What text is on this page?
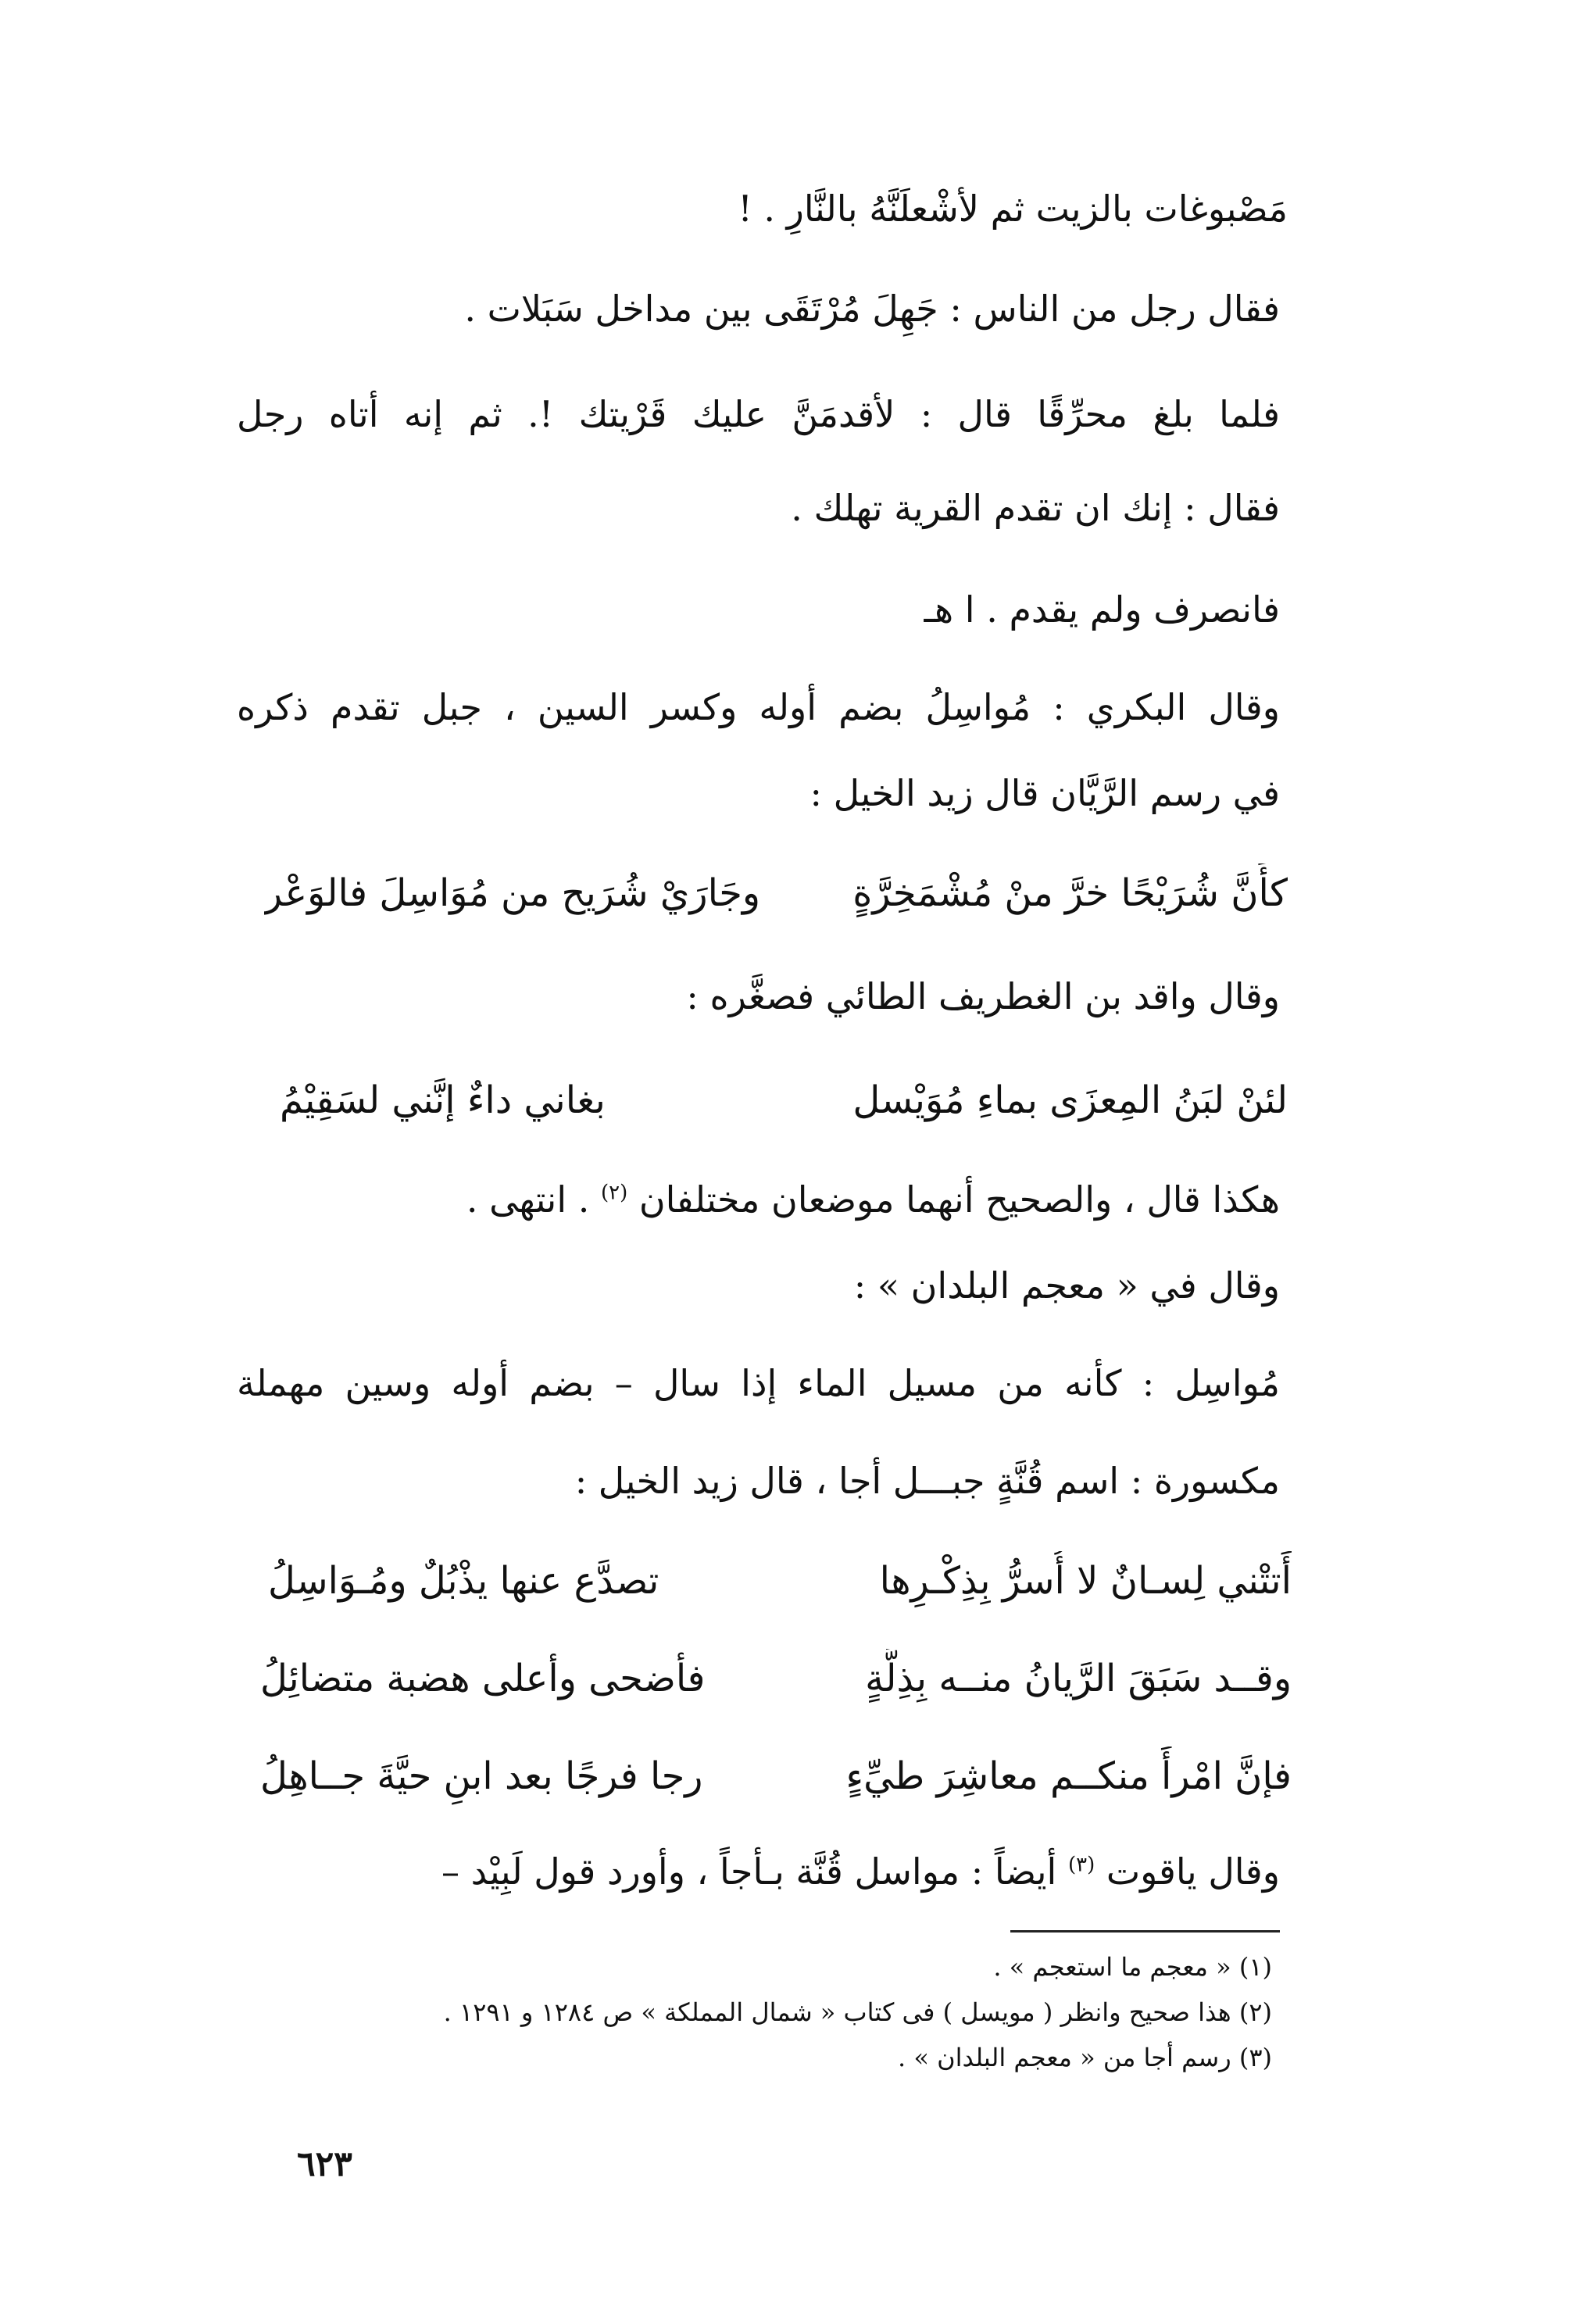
مَصْبوغات بالزيت ثم لأشْعلَنَّهُ بالنَّارِ . !
فقال رجل من الناس : جَهِلَ مُرْتَقَى بين مداخل سَبَلات .
فلما بلغ محرِّقًا قال : لأقدمَنَّ عليك قَرْيتك !. ثم إنه أتاه رجل
فقال : إنك ان تقدم القرية تهلك .
فانصرف ولم يقدم . ا هـ
وقال البكري : مُواسِلُ بضم أوله وكسر السين ، جبل تقدم ذكره
في رسم الرَّيَّان قال زيد الخيل :
كأَنَّ شُرَيْحًا خرَّ منْ مُشْمَخِرَّةٍ
وجَارَيْ شُرَيح من مُوَاسِلَ فالوَعْر
وقال واقد بن الغطريف الطائي فصغَّره :
لئنْ لبَنُ المِعزَى بماءِ مُوَيْسل
بغاني داءٌ إنَّني لسَقِيْمُ
هكذا قال ، والصحيح أنهما موضعان مختلفان $^{(٢)}$ . انتهى .
وقال في « معجم البلدان » :
مُواسِل : كأنه من مسيل الماء إذا سال – بضم أوله وسين مهملة
مكسورة : اسم قُنَّةٍ جبـــل أجا ، قال زيد الخيل :
أَتتْني لِسـانٌ لا أُسرُّ بِذِكْـرِها
تصدَّع عنها يذْبُلٌ ومُـوَاسِلُ
وقــد سَبَقَ الرَّيانُ منــه بِذِلَّةٍ
فأضحى وأعلى هضبة متضائِلُ
فإنَّ امْرأً منكــم معاشِرَ طيِّءٍ
رجا فرجًا بعد ابنِ حيَّةَ جــاهِلُ
وقال ياقوت $^{(٣)}$ أيضاً : مواسل قُنَّة بـأجاً ، وأورد قول لَبِيْد –
(١) « معجم ما استعجم » .
(٢) هذا صحيح وانظر ( مويسل ) فى كتاب « شمال المملكة » ص ١٢٨٤ و ١٢٩١ .
(٣) رسم أجا من « معجم البلدان » .
٦٢٣
